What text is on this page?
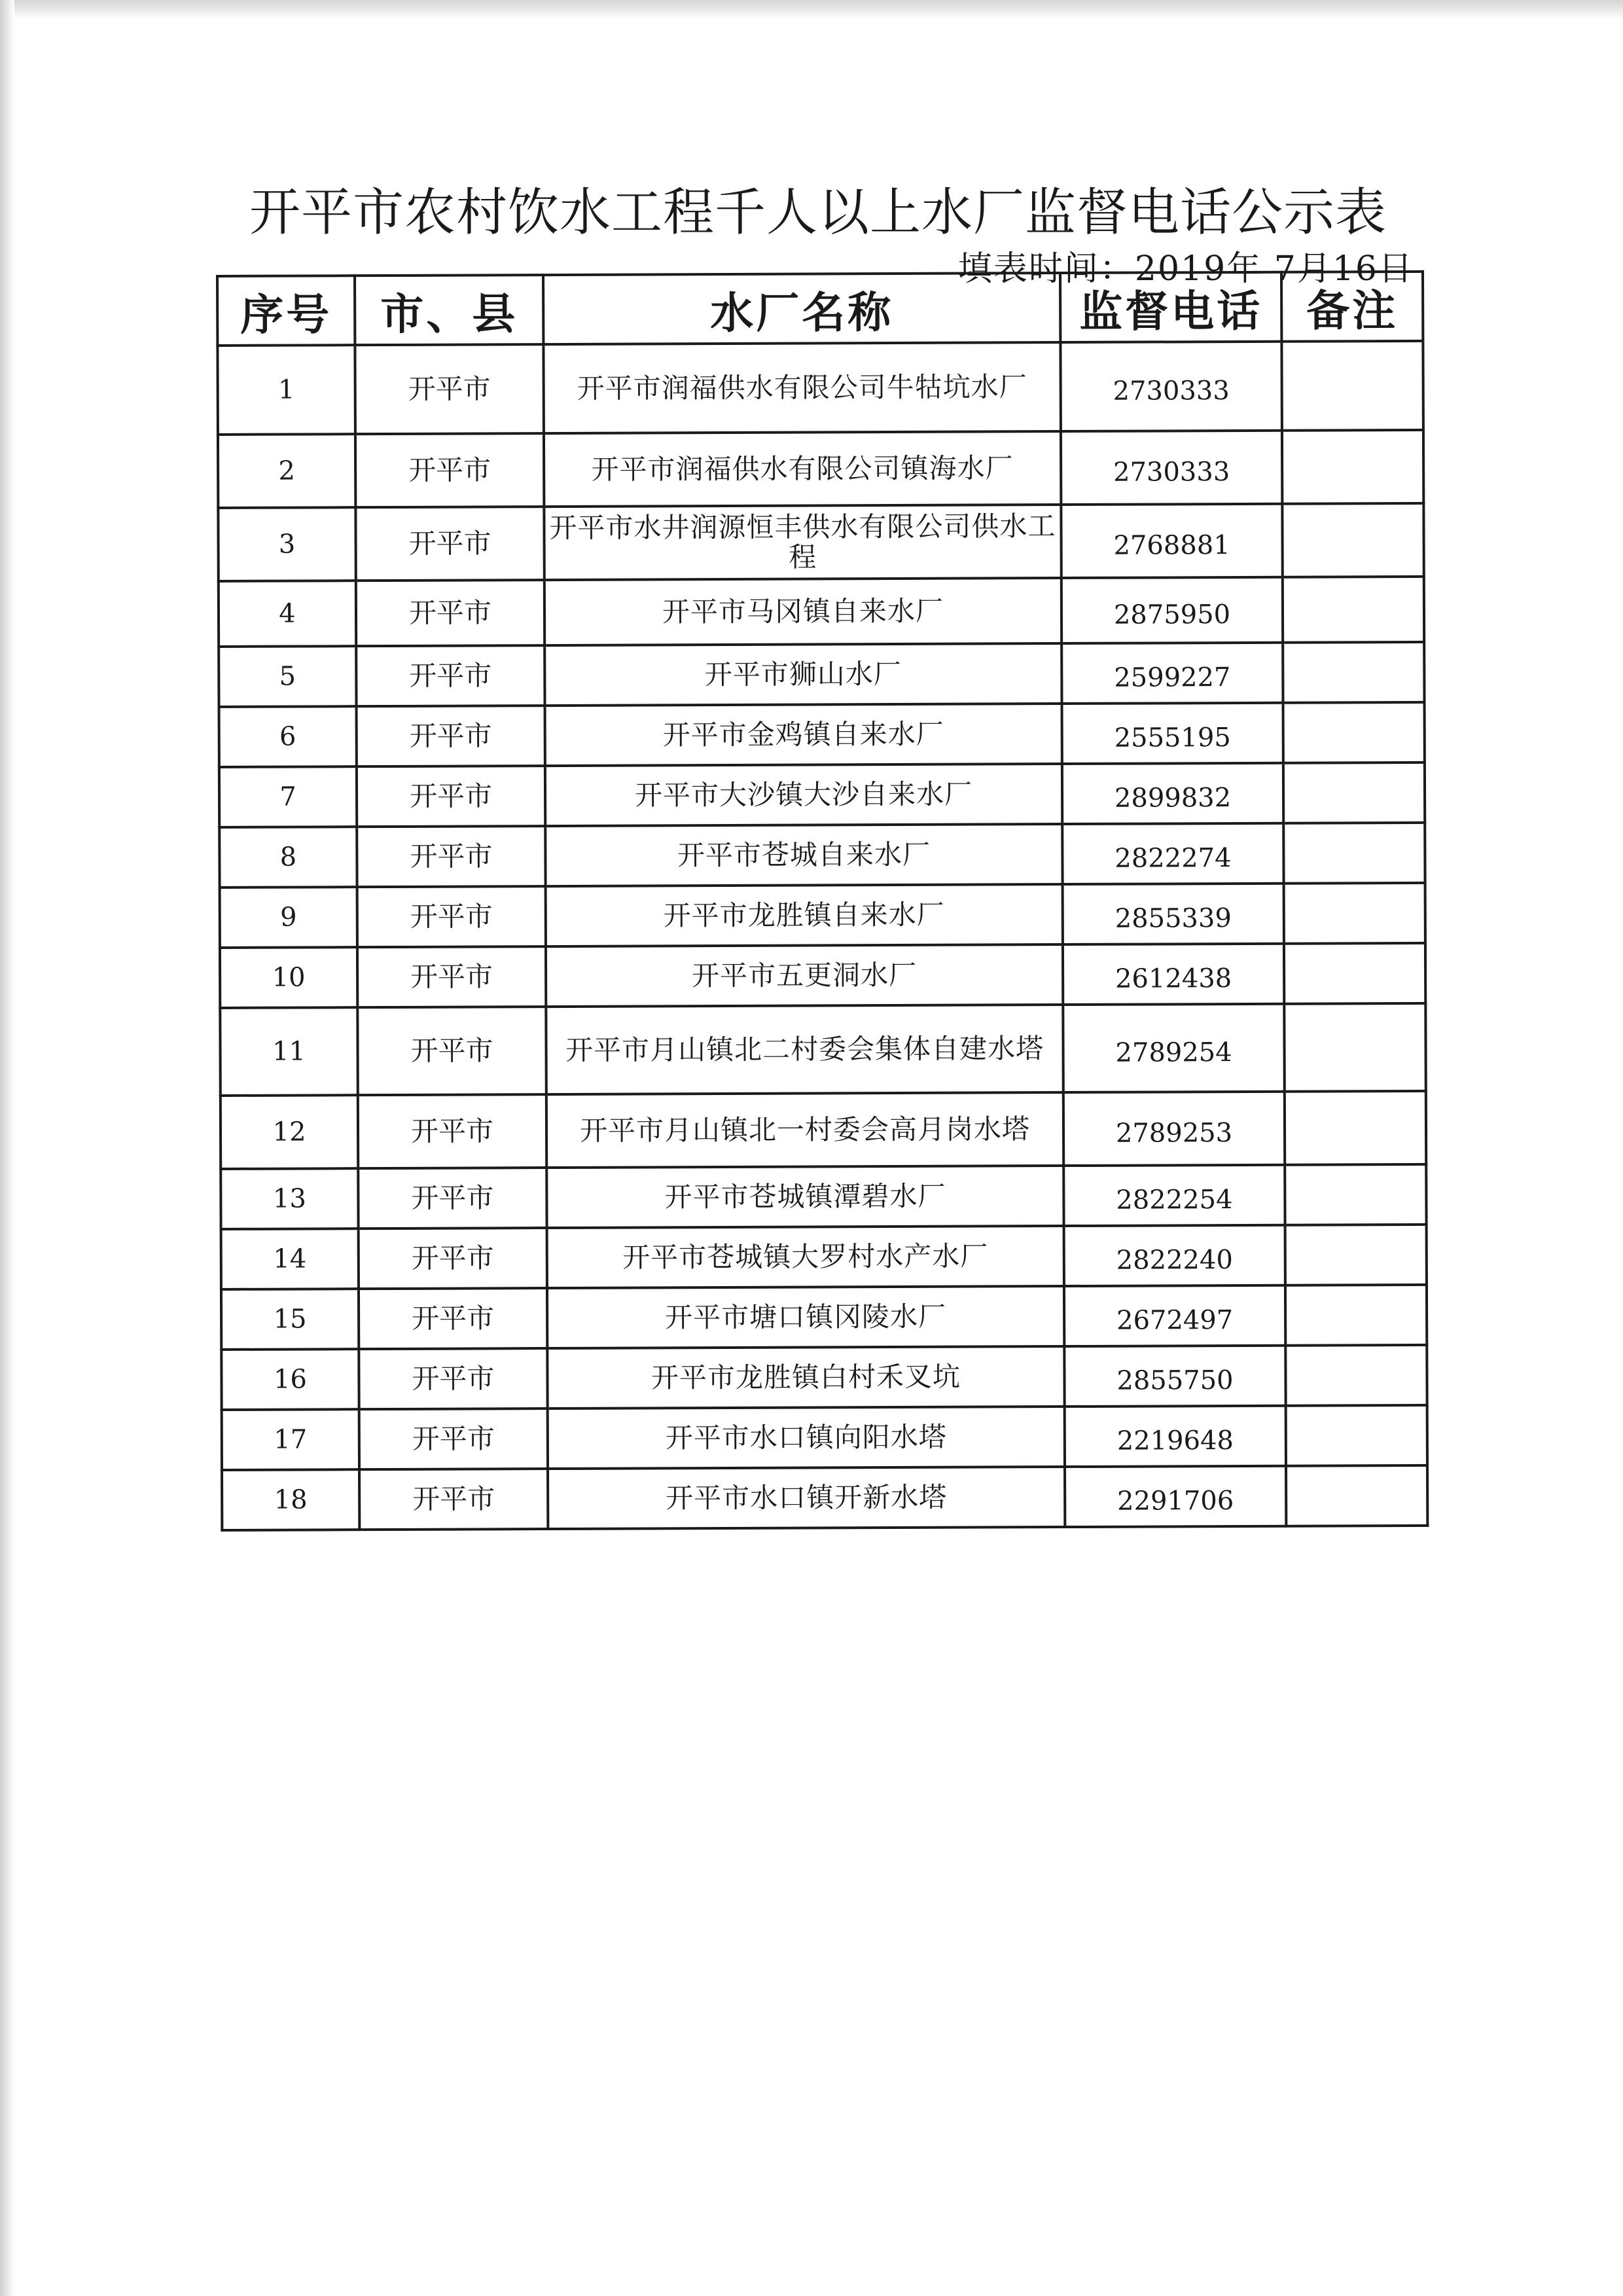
开平市农村饮水工程千人以上水厂监督电话公示表
填表时间：2019年 7月16日
序号	市、县	水厂名称	监督电话	备注
1	开平市	开平市润福供水有限公司牛牯坑水厂	2730333	
2	开平市	开平市润福供水有限公司镇海水厂	2730333	
3	开平市	开平市水井润源恒丰供水有限公司供水工程	2768881	
4	开平市	开平市马冈镇自来水厂	2875950	
5	开平市	开平市狮山水厂	2599227	
6	开平市	开平市金鸡镇自来水厂	2555195	
7	开平市	开平市大沙镇大沙自来水厂	2899832	
8	开平市	开平市苍城自来水厂	2822274	
9	开平市	开平市龙胜镇自来水厂	2855339	
10	开平市	开平市五更洞水厂	2612438	
11	开平市	开平市月山镇北二村委会集体自建水塔	2789254	
12	开平市	开平市月山镇北一村委会高月岗水塔	2789253	
13	开平市	开平市苍城镇潭碧水厂	2822254	
14	开平市	开平市苍城镇大罗村水产水厂	2822240	
15	开平市	开平市塘口镇冈陵水厂	2672497	
16	开平市	开平市龙胜镇白村禾叉坑	2855750	
17	开平市	开平市水口镇向阳水塔	2219648	
18	开平市	开平市水口镇开新水塔	2291706	
